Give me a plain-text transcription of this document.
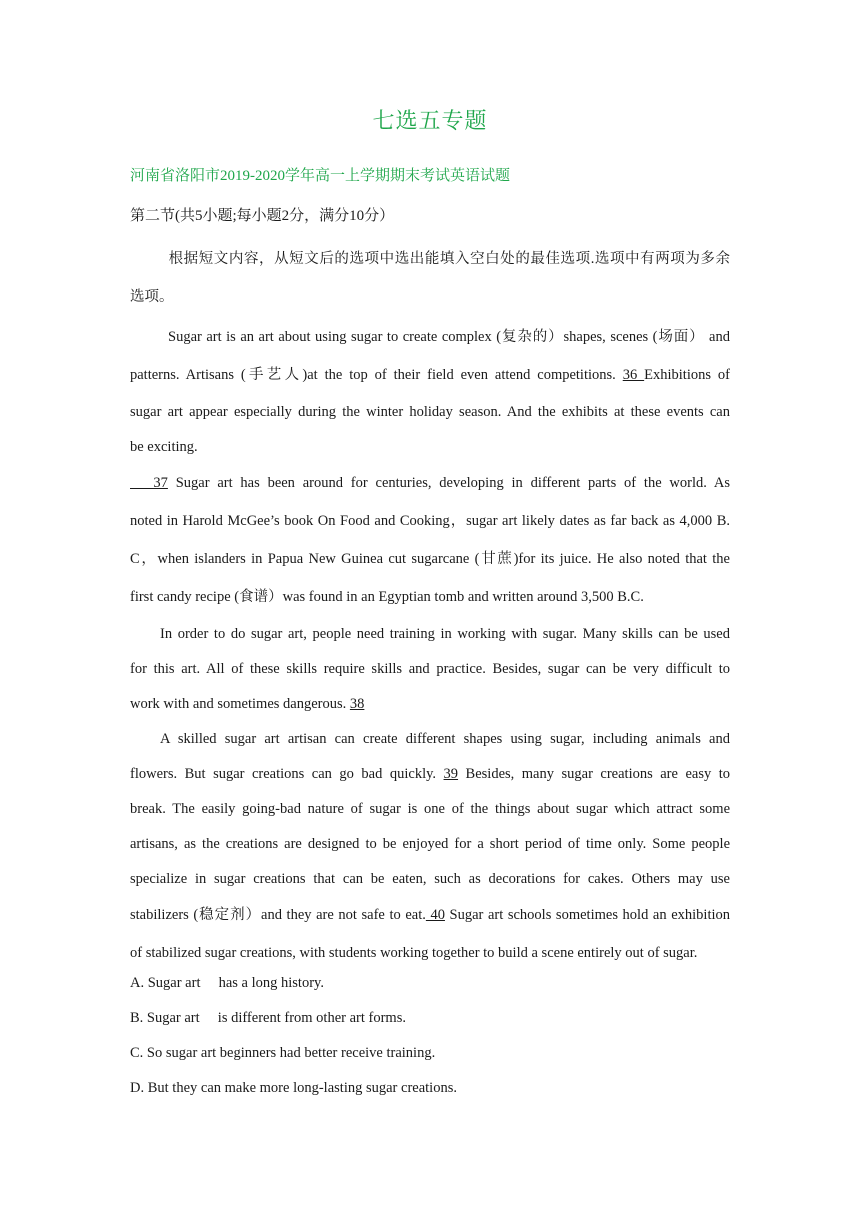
七选五专题
河南省洛阳市2019-2020学年高一上学期期末考试英语试题
第二节(共5小题;每小题2分，满分10分）
根据短文内容，从短文后的选项中选出能填入空白处的最佳选项.选项中有两项为多余
选项。
Sugar art is an art about using sugar to create complex (复杂的）shapes, scenes (场面） and
patterns. Artisans (手艺人)at the top of their field even attend competitions. 36 Exhibitions of
sugar art appear especially during the winter holiday season. And the exhibits at these events can
be exciting.
37 Sugar art has been around for centuries, developing in different parts of the world. As
noted in Harold McGee’s book On Food and Cooking，sugar art likely dates as far back as 4,000 B.
C，when islanders in Papua New Guinea cut sugarcane (甘蔗)for its juice. He also noted that the
first candy recipe (食谱）was found in an Egyptian tomb and written around 3,500 B.C.
In order to do sugar art, people need training in working with sugar. Many skills can be used
for this art. All of these skills require skills and practice. Besides, sugar can be very difficult to
work with and sometimes dangerous. 38
A skilled sugar art artisan can create different shapes using sugar, including animals and
flowers. But sugar creations can go bad quickly. 39 Besides, many sugar creations are easy to
break. The easily going-bad nature of sugar is one of the things about sugar which attract some
artisans, as the creations are designed to be enjoyed for a short period of time only. Some people
specialize in sugar creations that can be eaten, such as decorations for cakes. Others may use
stabilizers (稳定剂）and they are not safe to eat. 40 Sugar art schools sometimes hold an exhibition
of stabilized sugar creations, with students working together to build a scene entirely out of sugar.
A. Sugar art     has a long history.
B. Sugar art     is different from other art forms.
C. So sugar art beginners had better receive training.
D. But they can make more long-lasting sugar creations.
